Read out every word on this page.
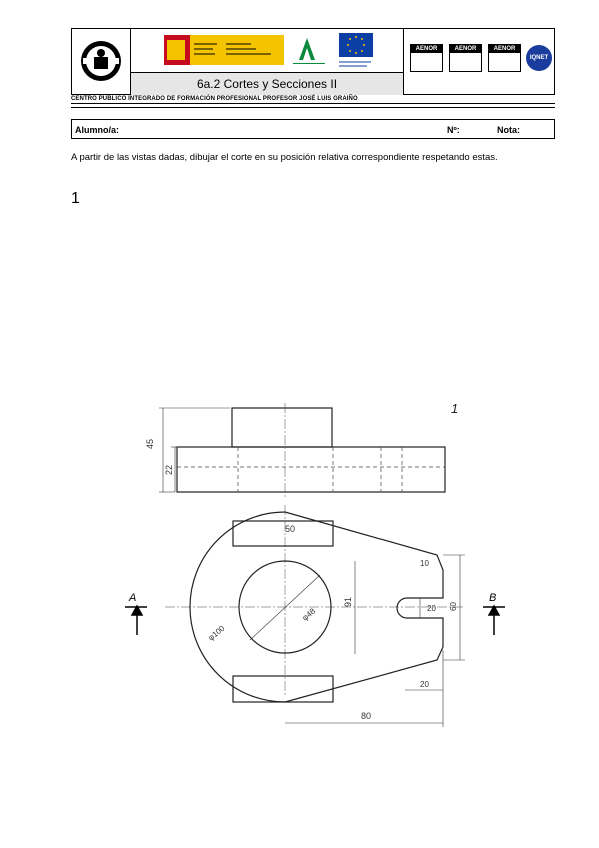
6a.2 Cortes y Secciones II
AENOR	AENOR	AENOR
IQNET
CENTRO PÚBLICO INTEGRADO DE FORMACIÓN PROFESIONAL PROFESOR JOSÉ LUIS GRAIÑO
Alumno/a:	Nº:	Nota:
A partir de las vistas dadas, dibujar el corte en su posición relativa correspondiente respetando estas.
1
45
22
1
50
10
91
20 60
φ48
φ100
20
80
A	B
